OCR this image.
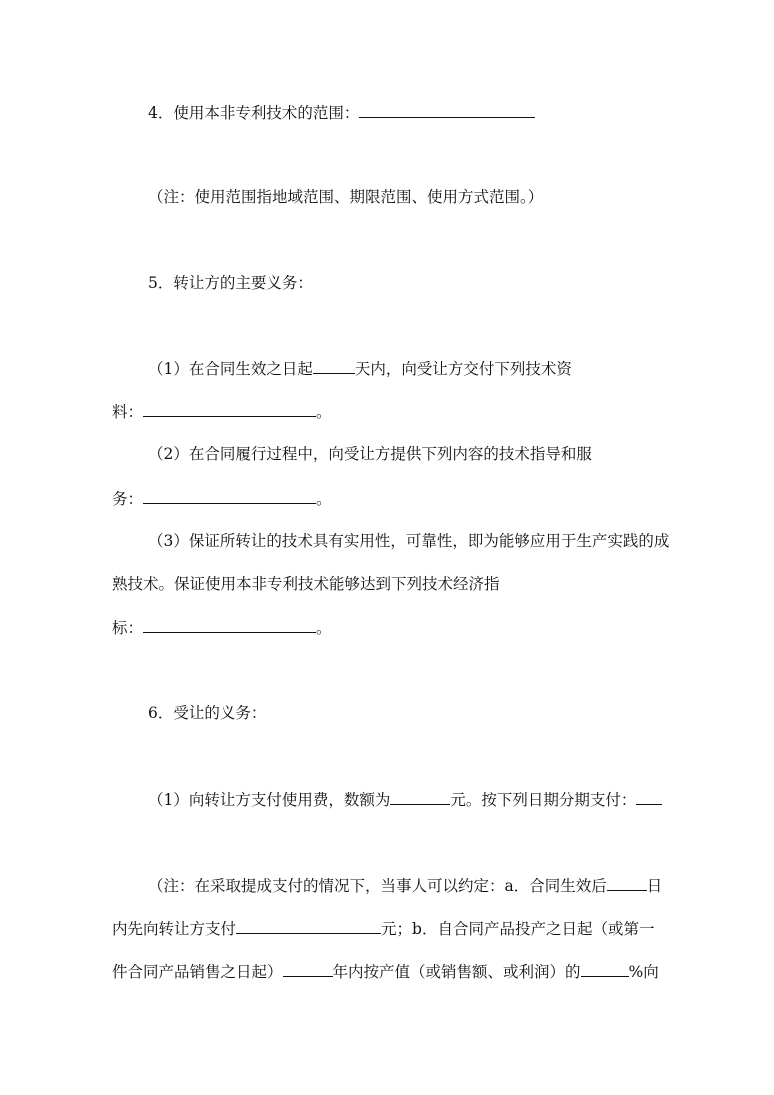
4．使用本非专利技术的范围：
（注：使用范围指地域范围、期限范围、使用方式范围。）
5．转让方的主要义务：
（1）在合同生效之日起	天内，向受让方交付下列技术资
料：	。
（2）在合同履行过程中，向受让方提供下列内容的技术指导和服
务：	。
（3）保证所转让的技术具有实用性，可靠性，即为能够应用于生产实践的成
熟技术。保证使用本非专利技术能够达到下列技术经济指
标：	。
6．受让的义务：
（1）向转让方支付使用费，数额为	元。按下列日期分期支付：
（注：在采取提成支付的情况下，当事人可以约定：a．合同生效后	日
内先向转让方支付	元；b．自合同产品投产之日起（或第一
件合同产品销售之日起）	年内按产值（或销售额、或利润）的	%向
